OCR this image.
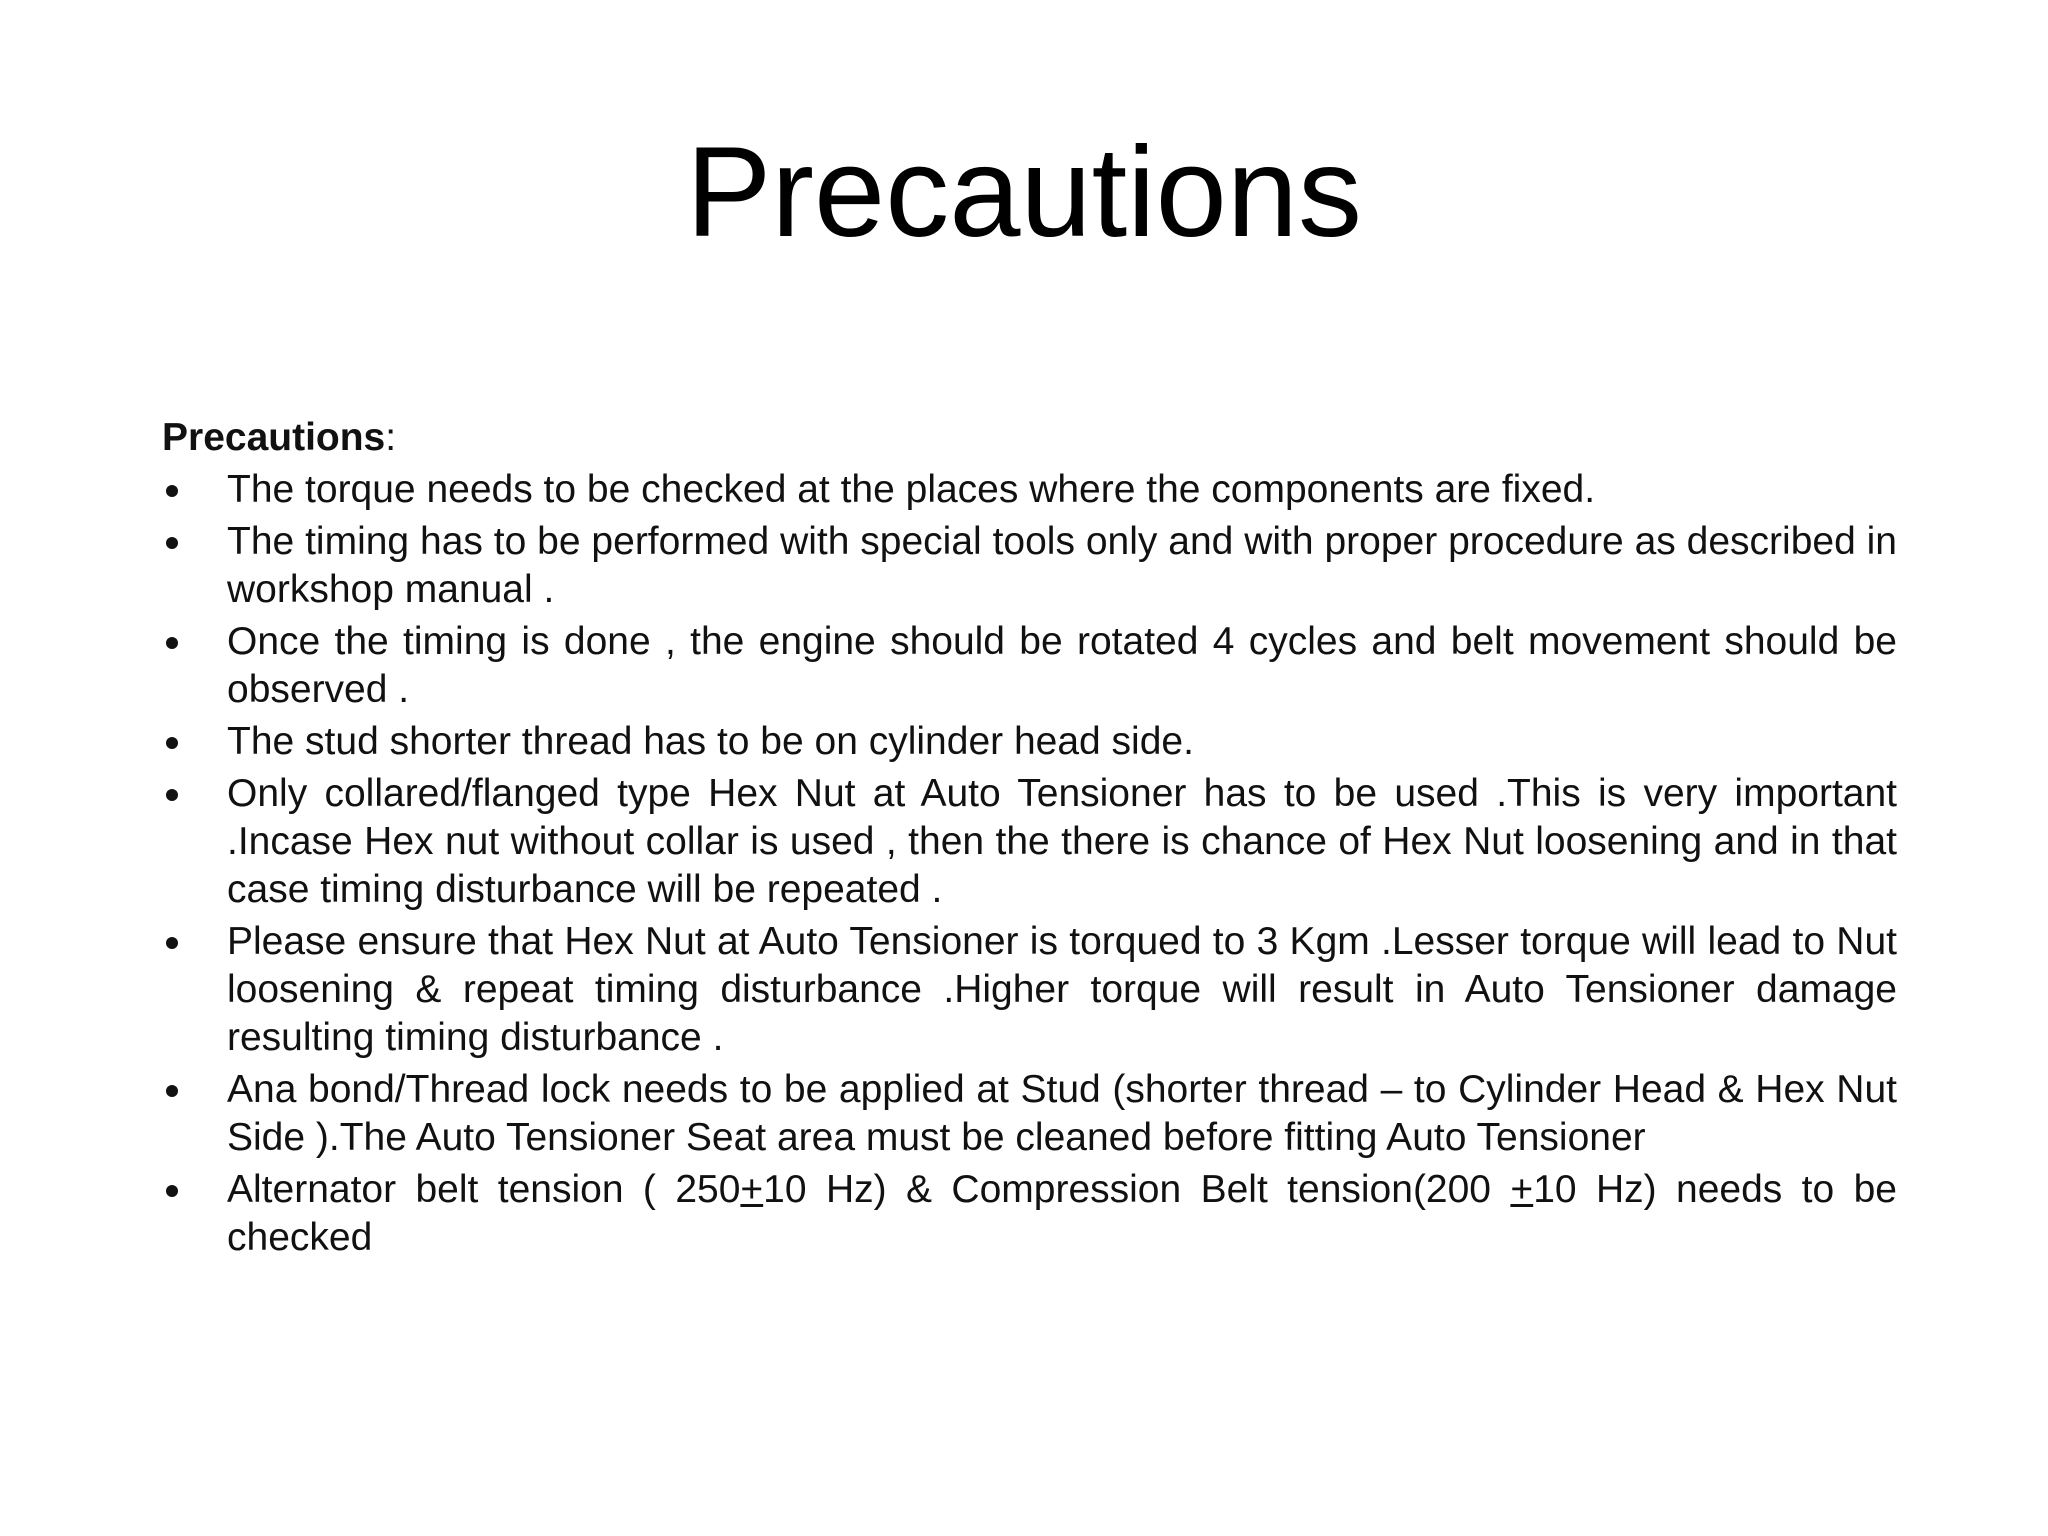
Precautions
Precautions:
The torque needs to be checked at the places where the components are fixed.
The timing has to be performed with special tools only and with proper procedure as described in workshop manual .
Once the timing is done , the engine should be rotated 4 cycles and belt movement should be observed .
The stud shorter thread has to be on cylinder head side.
Only collared/flanged type Hex Nut at Auto Tensioner has to be used .This is very important .Incase Hex nut without collar is used , then the there is chance of Hex Nut loosening and in that case timing disturbance will be repeated .
Please ensure that Hex Nut at Auto Tensioner is torqued to 3 Kgm .Lesser torque will lead to Nut loosening & repeat timing disturbance .Higher torque will result in Auto Tensioner damage resulting timing disturbance .
Ana bond/Thread lock needs to be applied at Stud (shorter thread – to Cylinder Head & Hex Nut Side ).The Auto Tensioner Seat area must be cleaned before fitting Auto Tensioner
Alternator belt tension ( 250+10 Hz) & Compression Belt tension(200 +10 Hz) needs to be checked
